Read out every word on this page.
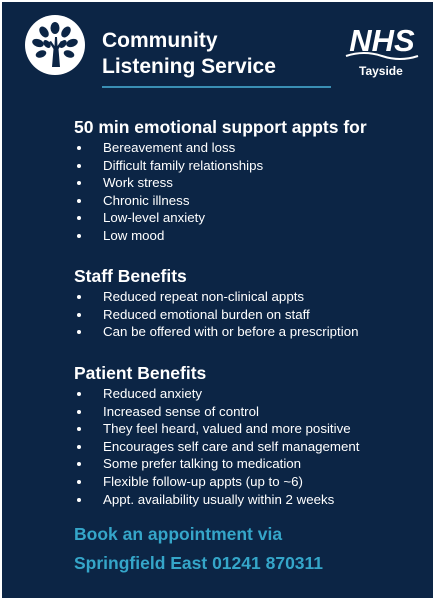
Community
Listening Service
NHS
Tayside
50 min emotional support appts for
Bereavement and loss
Difficult family relationships
Work stress
Chronic illness
Low-level anxiety
Low mood
Staff Benefits
Reduced repeat non-clinical appts
Reduced emotional burden on staff
Can be offered with or before a prescription
Patient Benefits
Reduced anxiety
Increased sense of control
They feel heard, valued and more positive
Encourages self care and self management
Some prefer talking to medication
Flexible follow-up appts (up to ~6)
Appt. availability usually within 2 weeks

Book an appointment via
Springfield East 01241 870311
